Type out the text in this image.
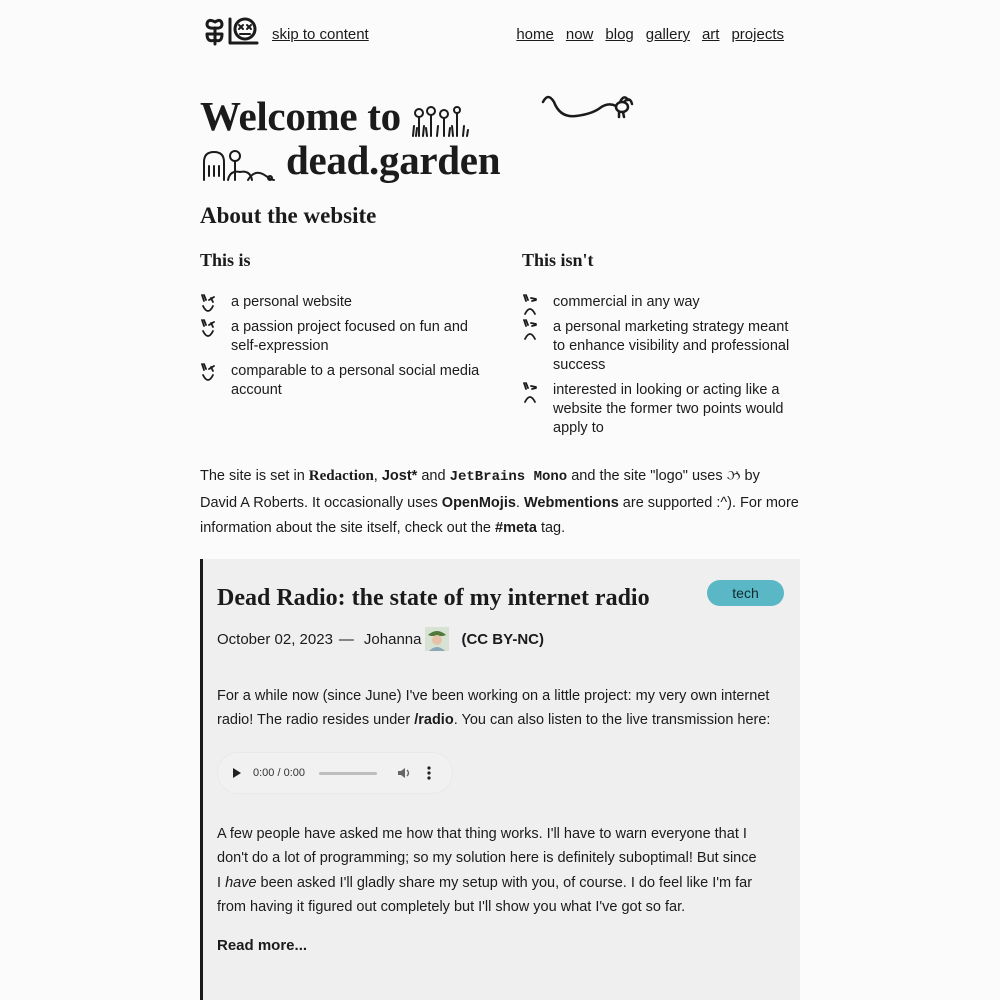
skip to content	home now blog gallery art projects
Welcome to
dead.garden
About the website
This is
a personal website
a passion project focused on fun and self-expression
comparable to a personal social media account
This isn't
commercial in any way
a personal marketing strategy meant to enhance visibility and professional success
interested in looking or acting like a website the former two points would apply to

The site is set in Redaction, Jost* and JetBrains Mono and the site "logo" uses ઝ by David A Roberts. It occasionally uses OpenMojis. Webmentions are supported :^). For more information about the site itself, check out the #meta tag.

tech
Dead Radio: the state of my internet radio
October 02, 2023 — Johanna	(CC BY-NC)

For a while now (since June) I've been working on a little project: my very own internet radio! The radio resides under /radio. You can also listen to the live transmission here:

0:00 / 0:00

A few people have asked me how that thing works. I'll have to warn everyone that I don't do a lot of programming; so my solution here is definitely suboptimal! But since I have been asked I'll gladly share my setup with you, of course. I do feel like I'm far from having it figured out completely but I'll show you what I've got so far.

Read more...
